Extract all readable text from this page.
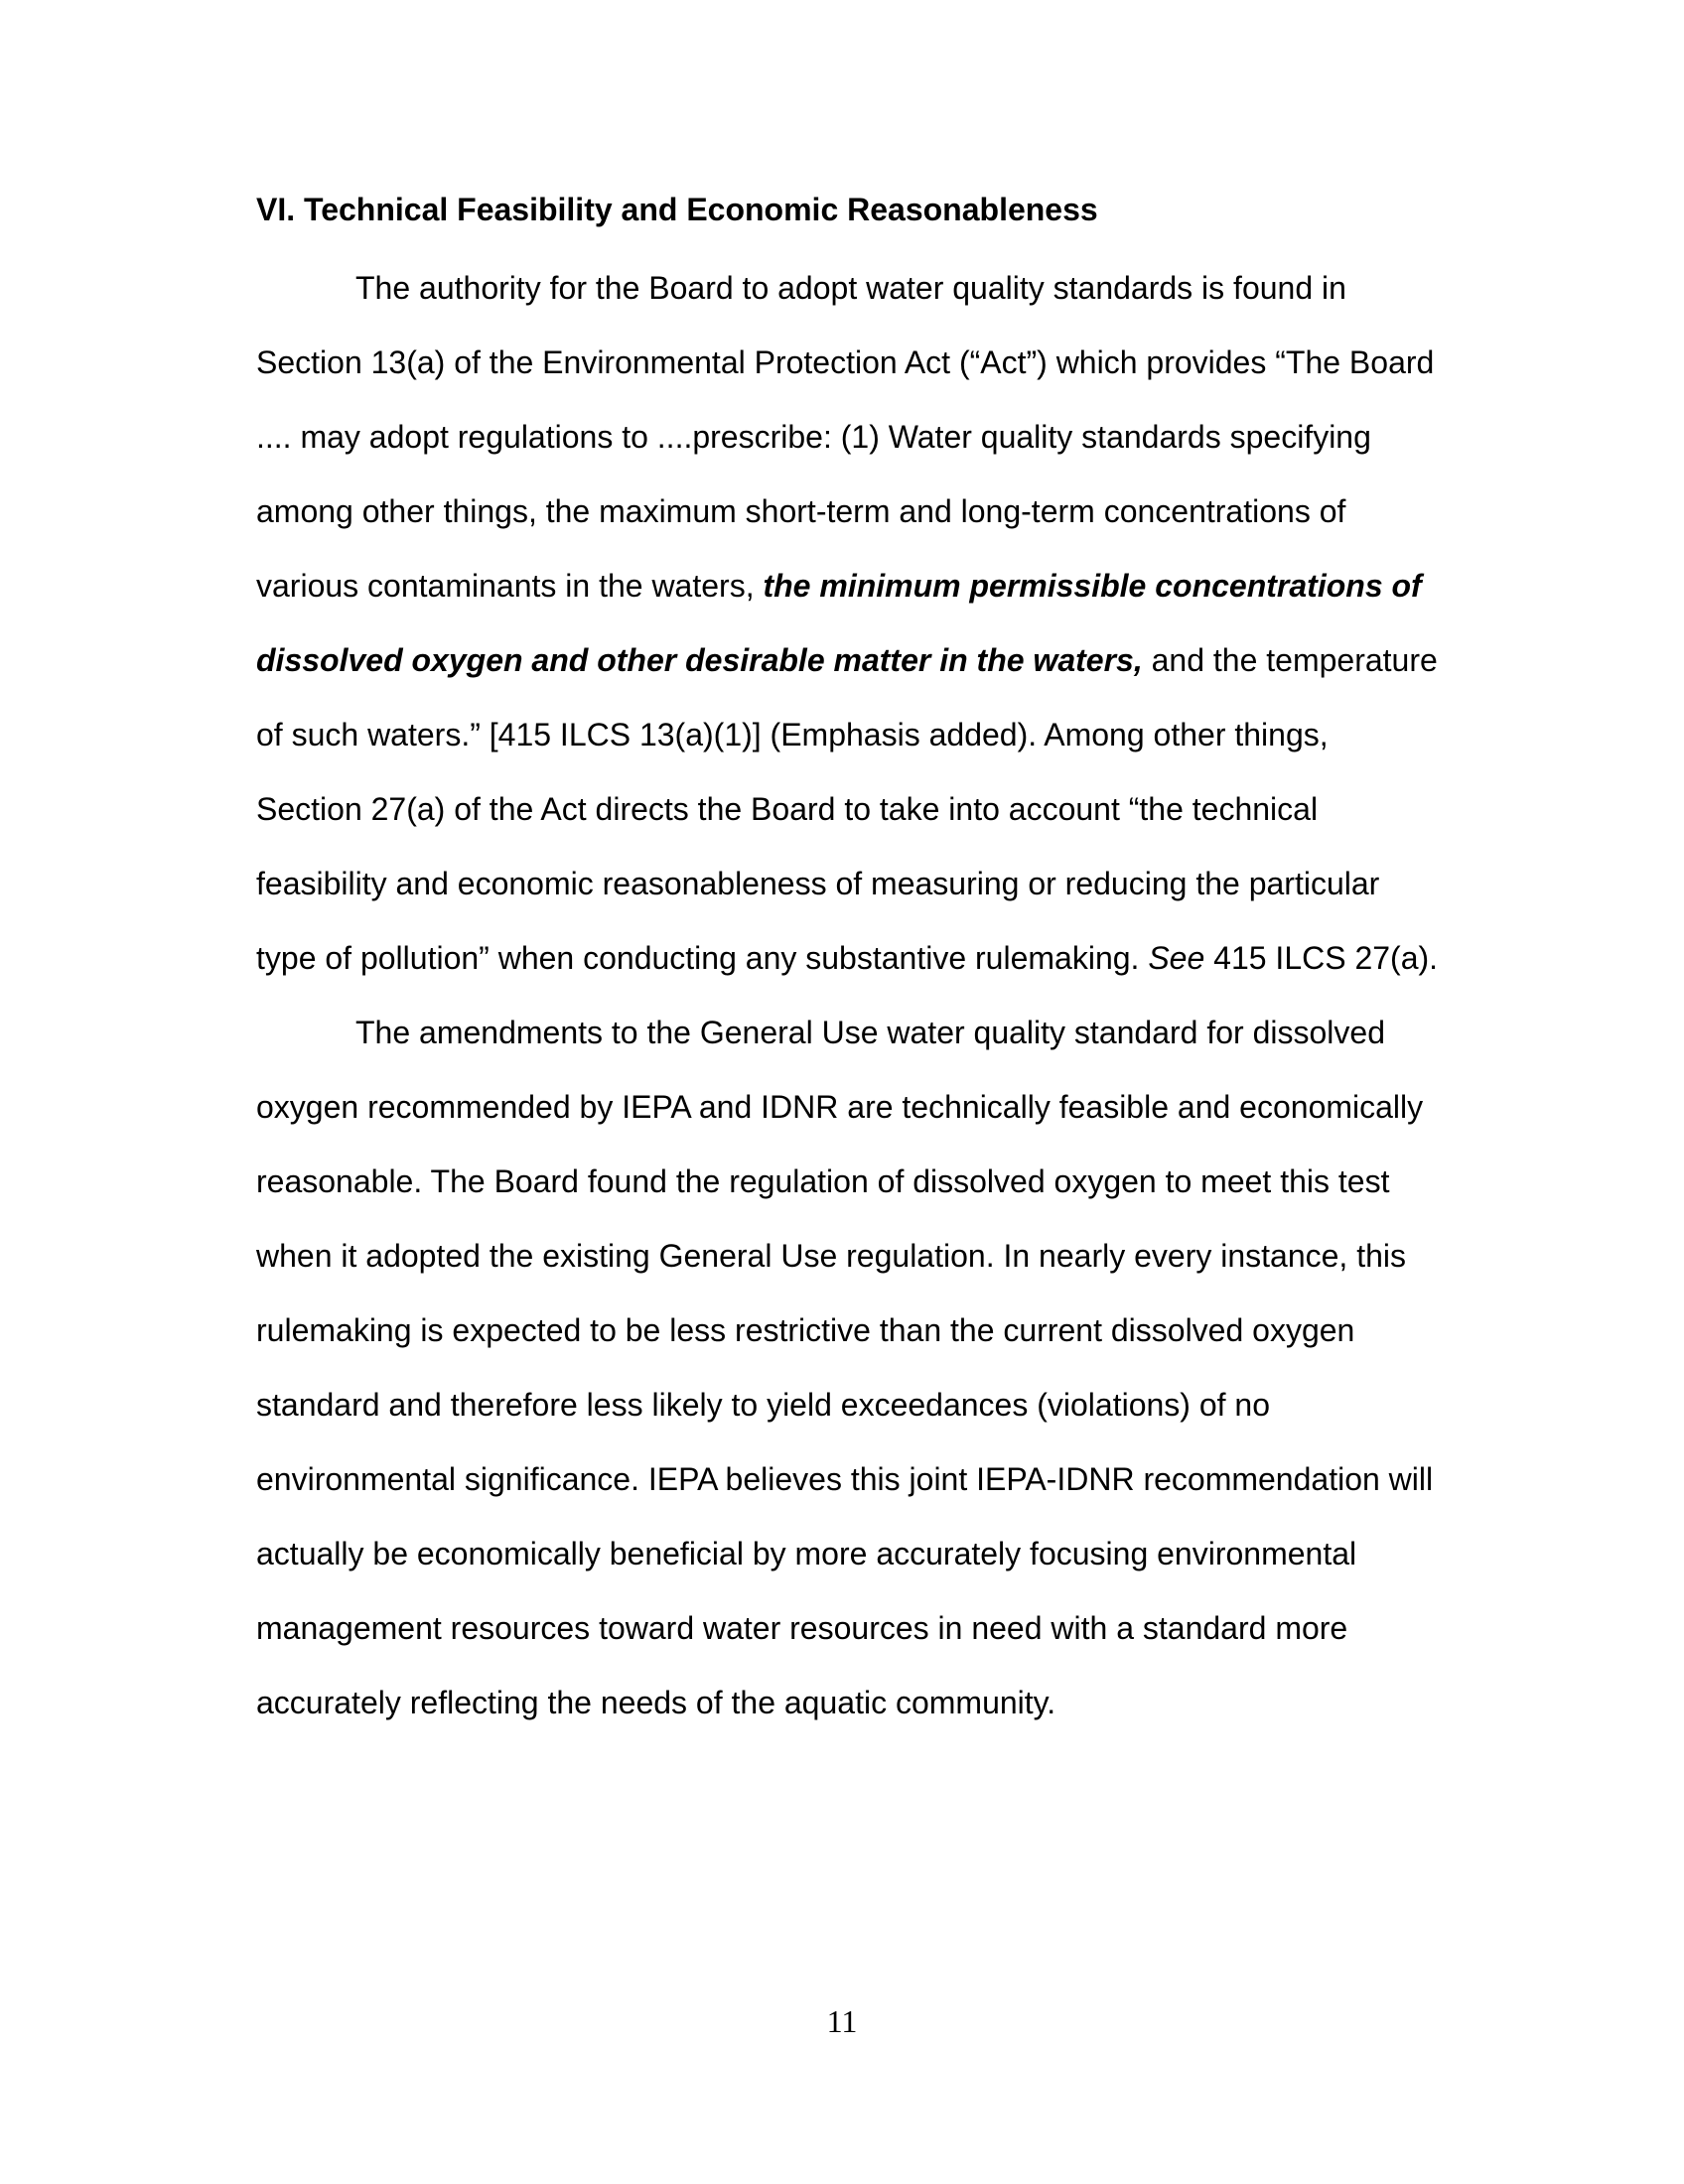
VI. Technical Feasibility and Economic Reasonableness

The authority for the Board to adopt water quality standards is found in Section 13(a) of the Environmental Protection Act (“Act”) which provides “The Board .... may adopt regulations to ....prescribe: (1) Water quality standards specifying among other things, the maximum short-term and long-term concentrations of various contaminants in the waters, the minimum permissible concentrations of dissolved oxygen and other desirable matter in the waters, and the temperature of such waters.” [415 ILCS 13(a)(1)] (Emphasis added). Among other things, Section 27(a) of the Act directs the Board to take into account “the technical feasibility and economic reasonableness of measuring or reducing the particular type of pollution” when conducting any substantive rulemaking. See 415 ILCS 27(a).

The amendments to the General Use water quality standard for dissolved oxygen recommended by IEPA and IDNR are technically feasible and economically reasonable. The Board found the regulation of dissolved oxygen to meet this test when it adopted the existing General Use regulation. In nearly every instance, this rulemaking is expected to be less restrictive than the current dissolved oxygen standard and therefore less likely to yield exceedances (violations) of no environmental significance. IEPA believes this joint IEPA-IDNR recommendation will actually be economically beneficial by more accurately focusing environmental management resources toward water resources in need with a standard more accurately reflecting the needs of the aquatic community.

11
